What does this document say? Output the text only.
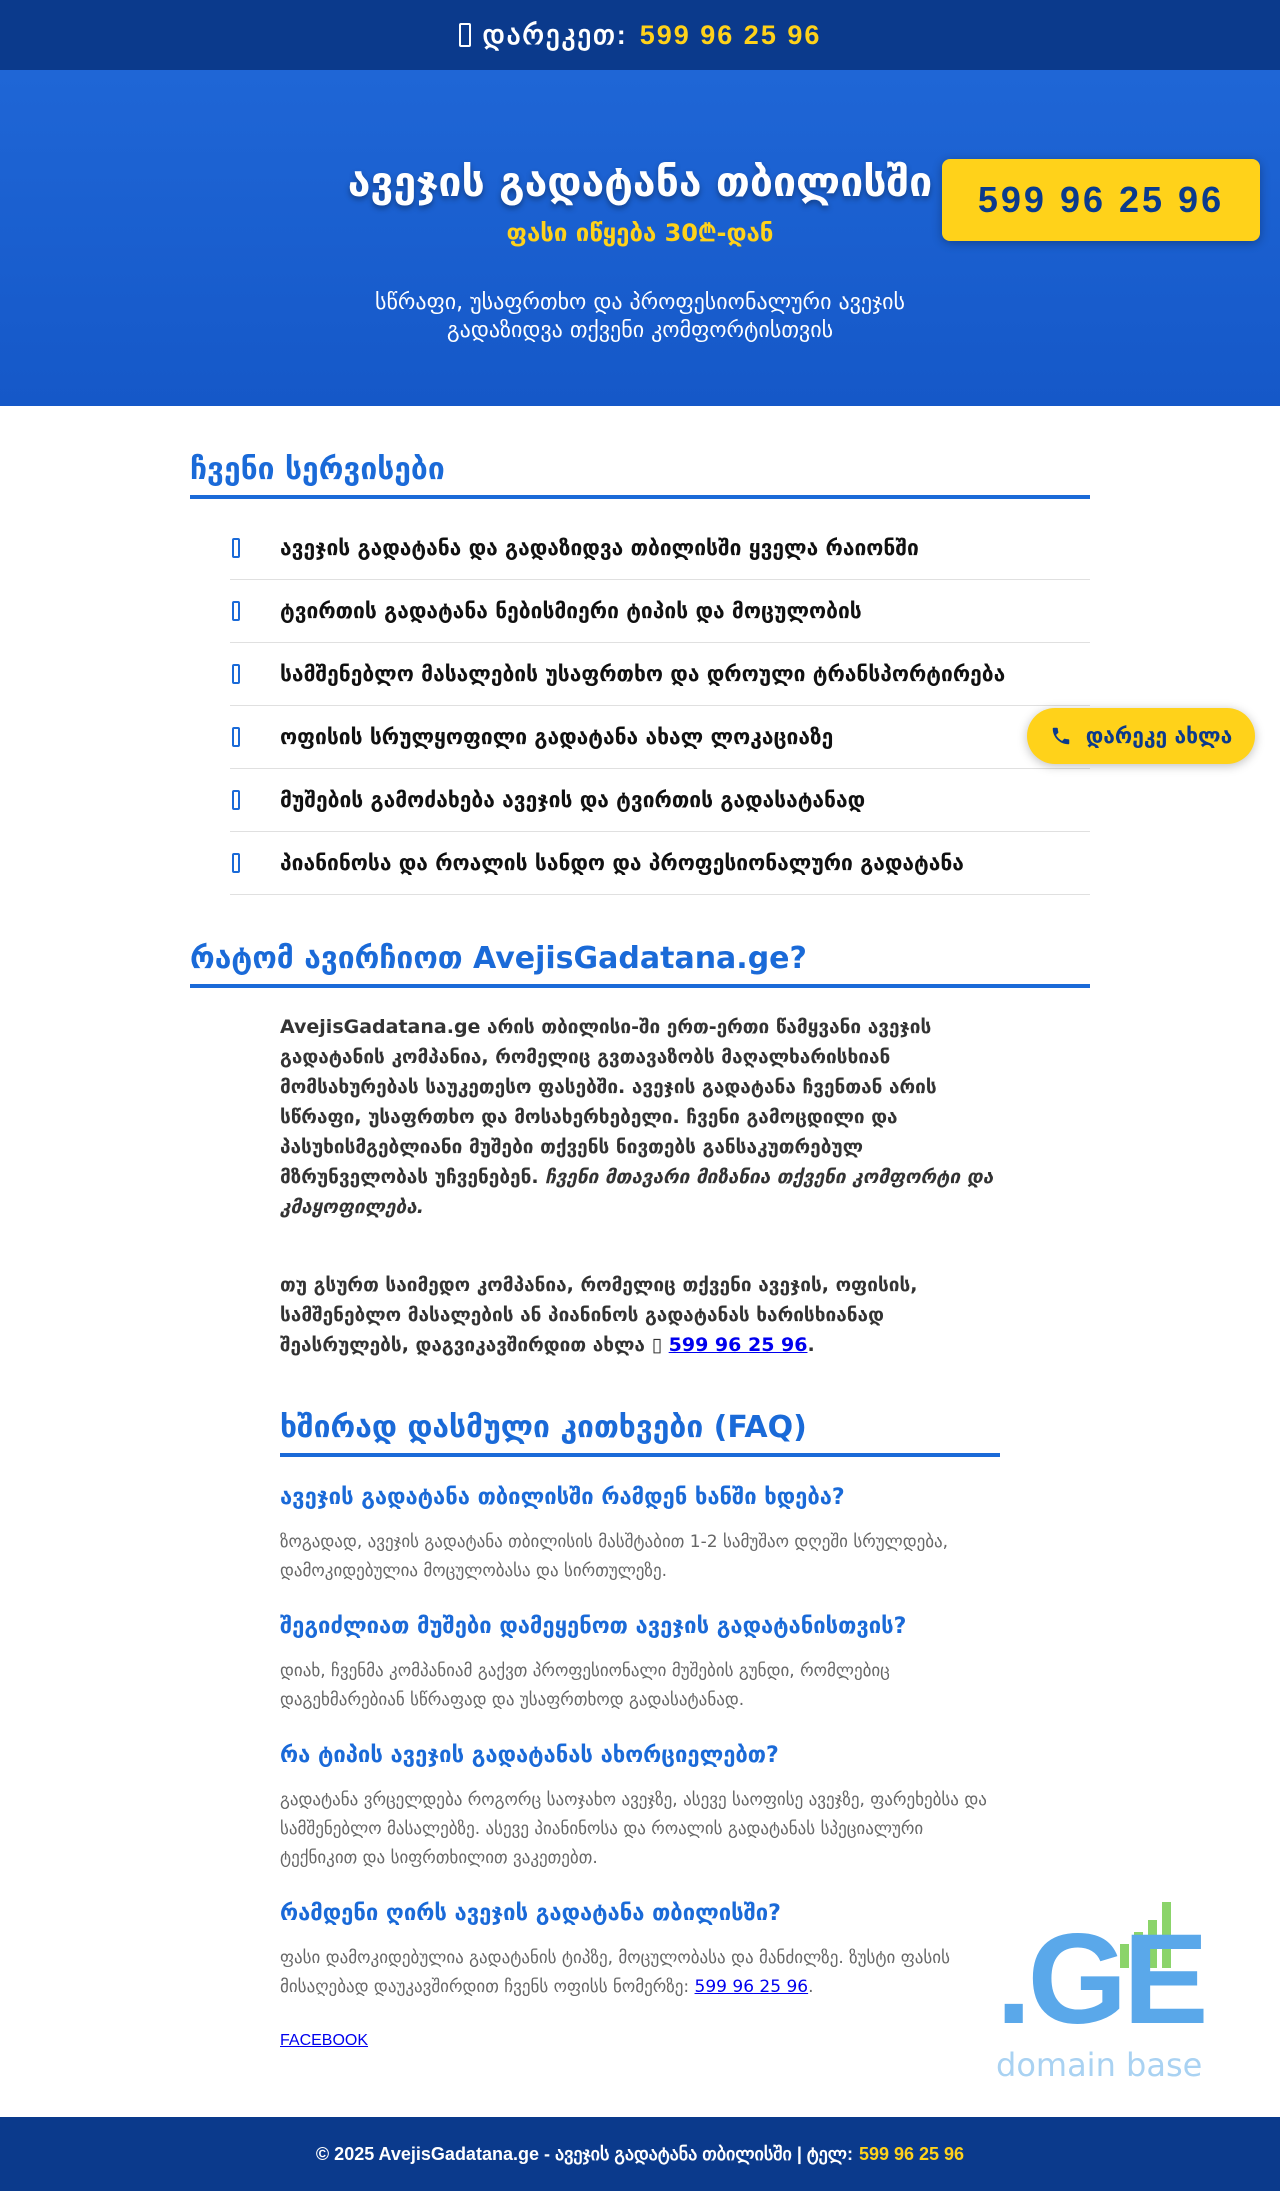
დარეკეთ: 599 96 25 96
ავეჯის გადატანა თბილისში
ფასი იწყება 30₾-დან
სწრაფი, უსაფრთხო და პროფესიონალური ავეჯის გადაზიდვა თქვენი კომფორტისთვის
599 96 25 96
ჩვენი სერვისები
ავეჯის გადატანა და გადაზიდვა თბილისში ყველა რაიონში
ტვირთის გადატანა ნებისმიერი ტიპის და მოცულობის
სამშენებლო მასალების უსაფრთხო და დროული ტრანსპორტირება
ოფისის სრულყოფილი გადატანა ახალ ლოკაციაზე
მუშების გამოძახება ავეჯის და ტვირთის გადასატანად
პიანინოსა და როალის სანდო და პროფესიონალური გადატანა
რატომ ავირჩიოთ AvejisGadatana.ge?

AvejisGadatana.ge არის თბილისი-ში ერთ-ერთი წამყვანი ავეჯის გადატანის კომპანია, რომელიც გვთავაზობს მაღალხარისხიან მომსახურებას საუკეთესო ფასებში. ავეჯის გადატანა ჩვენთან არის სწრაფი, უსაფრთხო და მოსახერხებელი. ჩვენი გამოცდილი და პასუხისმგებლიანი მუშები თქვენს ნივთებს განსაკუთრებულ მზრუნველობას უჩვენებენ. ჩვენი მთავარი მიზანია თქვენი კომფორტი და კმაყოფილება.

თუ გსურთ საიმედო კომპანია, რომელიც თქვენი ავეჯის, ოფისის, სამშენებლო მასალების ან პიანინოს გადატანას ხარისხიანად შეასრულებს, დაგვიკავშირდით ახლა ▯ 599 96 25 96.

ხშირად დასმული კითხვები (FAQ)
ავეჯის გადატანა თბილისში რამდენ ხანში ხდება?
ზოგადად, ავეჯის გადატანა თბილისის მასშტაბით 1-2 სამუშაო დღეში სრულდება, დამოკიდებულია მოცულობასა და სირთულეზე.
შეგიძლიათ მუშები დამეყენოთ ავეჯის გადატანისთვის?
დიახ, ჩვენმა კომპანიამ გაქვთ პროფესიონალი მუშების გუნდი, რომლებიც დაგეხმარებიან სწრაფად და უსაფრთხოდ გადასატანად.
რა ტიპის ავეჯის გადატანას ახორციელებთ?
გადატანა ვრცელდება როგორც საოჯახო ავეჯზე, ასევე საოფისე ავეჯზე, ფარეხებსა და სამშენებლო მასალებზე. ასევე პიანინოსა და როალის გადატანას სპეციალური ტექნიკით და სიფრთხილით ვაკეთებთ.
რამდენი ღირს ავეჯის გადატანა თბილისში?
ფასი დამოკიდებულია გადატანის ტიპზე, მოცულობასა და მანძილზე. ზუსტი ფასის მისაღებად დაუკავშირდით ჩვენს ოფისს ნომერზე: 599 96 25 96.
FACEBOOK
დარეკე ახლა
.GE
domain base
© 2025 AvejisGadatana.ge - ავეჯის გადატანა თბილისში | ტელ: 599 96 25 96
